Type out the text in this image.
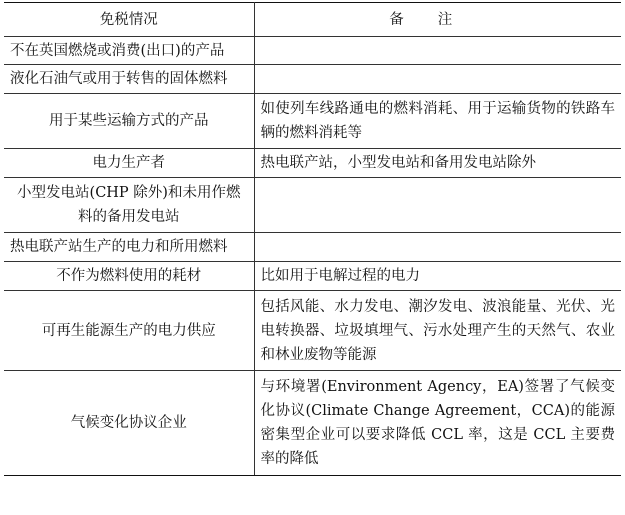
免税情况	备注
不在英国燃烧或消费(出口)的产品	
液化石油气或用于转售的固体燃料	
用于某些运输方式的产品	如使列车线路通电的燃料消耗、用于运输货物的铁路车辆的燃料消耗等
电力生产者	热电联产站，小型发电站和备用发电站除外
小型发电站(CHP 除外)和未用作燃料的备用发电站	
热电联产站生产的电力和所用燃料	
不作为燃料使用的耗材	比如用于电解过程的电力
可再生能源生产的电力供应	包括风能、水力发电、潮汐发电、波浪能量、光伏、光电转换器、垃圾填埋气、污水处理产生的天然气、农业和林业废物等能源
气候变化协议企业	与环境署(Environment Agency，EA)签署了气候变化协议(Climate Change Agreement，CCA)的能源密集型企业可以要求降低 CCL 率，这是 CCL 主要费率的降低
